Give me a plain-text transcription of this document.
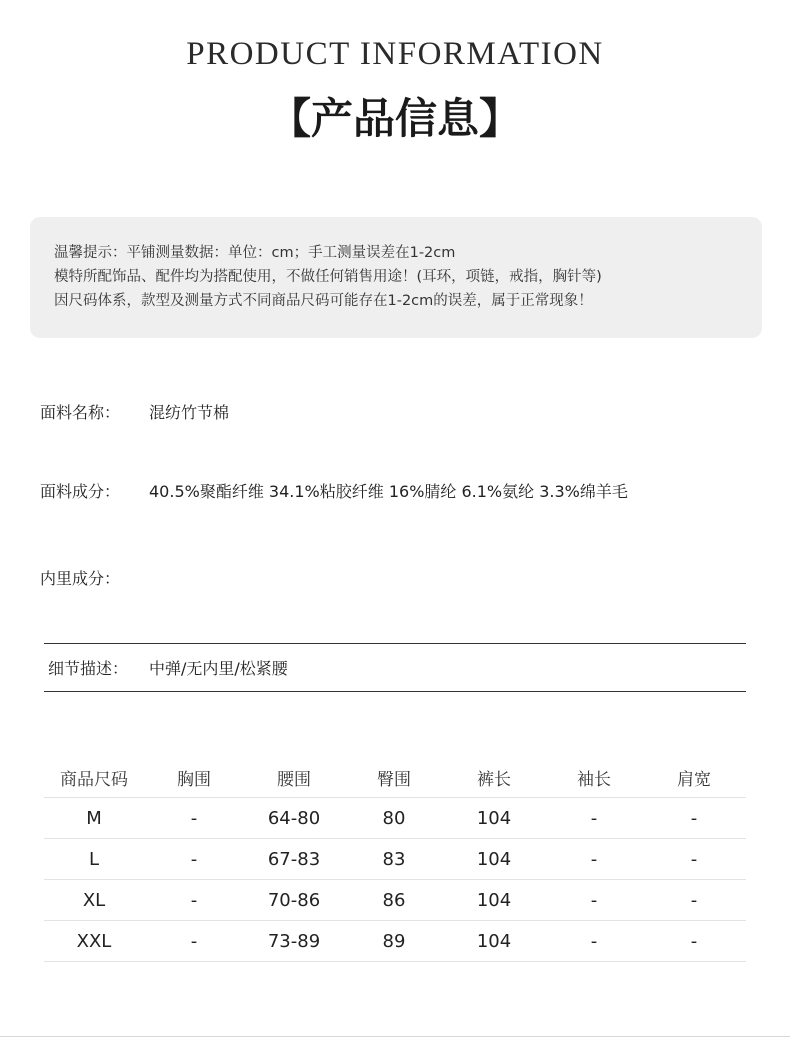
PRODUCT INFORMATION
【产品信息】
温馨提示：平铺测量数据：单位：cm；手工测量误差在1-2cm
模特所配饰品、配件均为搭配使用，不做任何销售用途！(耳环，项链，戒指，胸针等)
因尺码体系，款型及测量方式不同商品尺码可能存在1-2cm的误差，属于正常现象！
面料名称： 混纺竹节棉
面料成分： 40.5%聚酯纤维 34.1%粘胶纤维 16%腈纶 6.1%氨纶 3.3%绵羊毛
内里成分：
细节描述： 中弹/无内里/松紧腰
商品尺码	胸围	腰围	臀围	裤长	袖长	肩宽
M	-	64-80	80	104	-	-
L	-	67-83	83	104	-	-
XL	-	70-86	86	104	-	-
XXL	-	73-89	89	104	-	-
